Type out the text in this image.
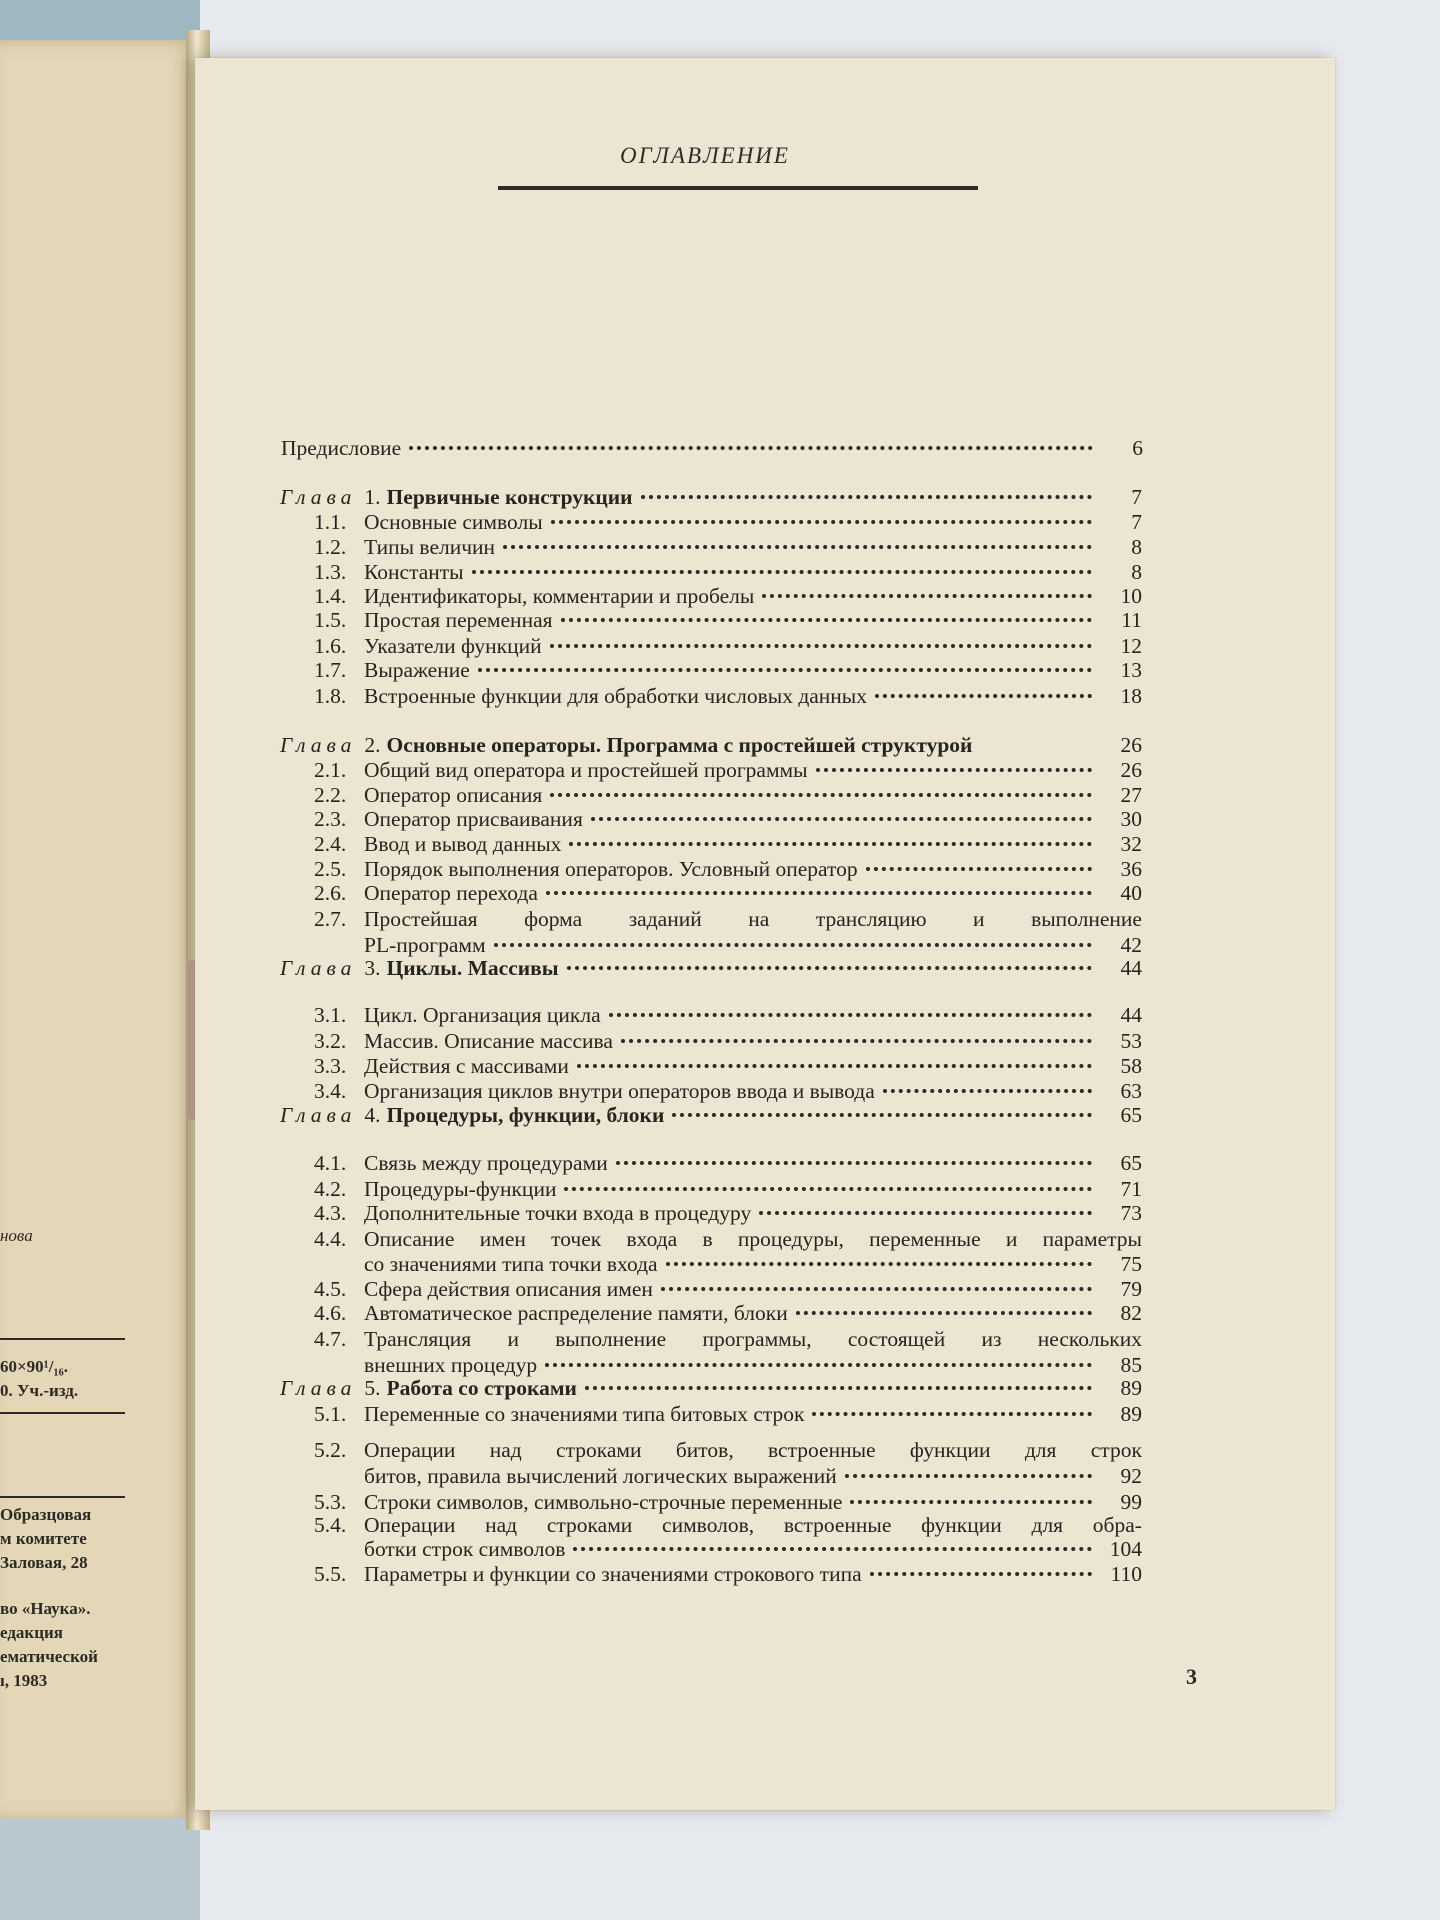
нова
60×90¹/₁₆.
0. Уч.-изд.
Образцовая
м комитете
Заловая, 28
во «Наука».
едакция
ематической
ı, 1983
ОГЛАВЛЕНИЕ
Предисловие	6
Глава 1. Первичные конструкции	7
1.1. Основные символы	7
1.2. Типы величин	8
1.3. Константы	8
1.4. Идентификаторы, комментарии и пробелы	10
1.5. Простая переменная	11
1.6. Указатели функций	12
1.7. Выражение	13
1.8. Встроенные функции для обработки числовых данных	18
Глава 2. Основные операторы. Программа с простейшей структурой	26
2.1. Общий вид оператора и простейшей программы	26
2.2. Оператор описания	27
2.3. Оператор присваивания	30
2.4. Ввод и вывод данных	32
2.5. Порядок выполнения операторов. Условный оператор	36
2.6. Оператор перехода	40
2.7. Простейшая форма заданий на трансляцию и выполнение
PL-программ	42
Глава 3. Циклы. Массивы	44
3.1. Цикл. Организация цикла	44
3.2. Массив. Описание массива	53
3.3. Действия с массивами	58
3.4. Организация циклов внутри операторов ввода и вывода	63
Глава 4. Процедуры, функции, блоки	65
4.1. Связь между процедурами	65
4.2. Процедуры-функции	71
4.3. Дополнительные точки входа в процедуру	73
4.4. Описание имен точек входа в процедуры, переменные и параметры
со значениями типа точки входа	75
4.5. Сфера действия описания имен	79
4.6. Автоматическое распределение памяти, блоки	82
4.7. Трансляция и выполнение программы, состоящей из нескольких
внешних процедур	85
Глава 5. Работа со строками	89
5.1. Переменные со значениями типа битовых строк	89
5.2. Операции над строками битов, встроенные функции для строк
битов, правила вычислений логических выражений	92
5.3. Строки символов, символьно-строчные переменные	99
5.4. Операции над строками символов, встроенные функции для обра-
ботки строк символов	104
5.5. Параметры и функции со значениями строкового типа	110
3
